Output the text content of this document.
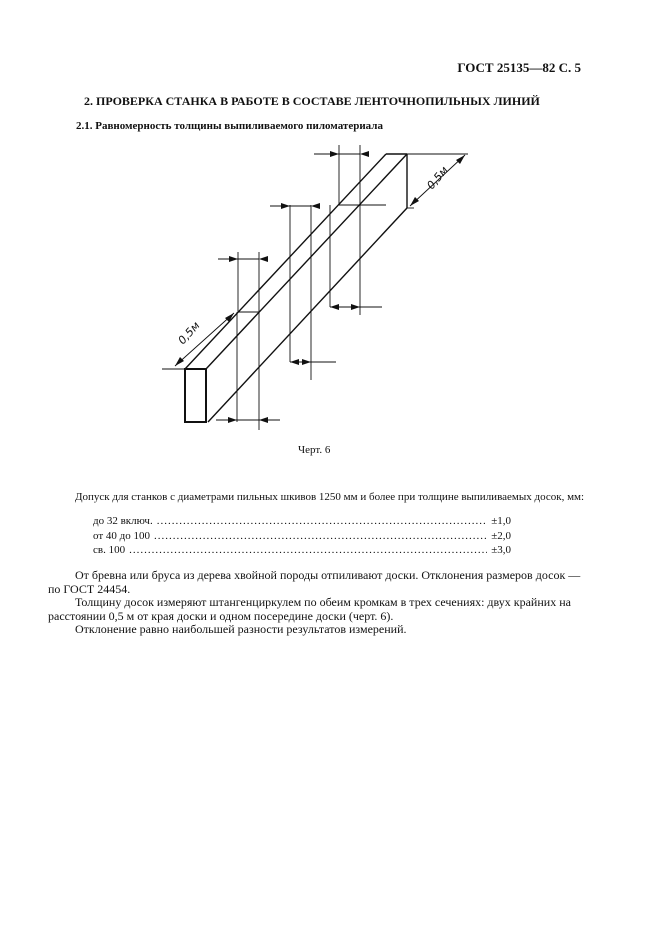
ГОСТ 25135—82 С. 5
2. ПРОВЕРКА СТАНКА В РАБОТЕ В СОСТАВЕ ЛЕНТОЧНОПИЛЬНЫХ ЛИНИЙ
2.1. Равномерность толщины выпиливаемого пиломатериала
0,5м
0,5м
Черт. 6

Допуск для станков с диаметрами пильных шкивов 1250 мм и более при толщине выпиливаемых досок, мм:

до 32 включ. .....	±1,0
от 40 до 100 .....	±2,0
св. 100 .....	±3,0

От бревна или бруса из дерева хвойной породы отпиливают доски. Отклонения размеров досок — по ГОСТ 24454.

Толщину досок измеряют штангенциркулем по обеим кромкам в трех сечениях: двух крайних на расстоянии 0,5 м от края доски и одном посередине доски (черт. 6).

Отклонение равно наибольшей разности результатов измерений.
